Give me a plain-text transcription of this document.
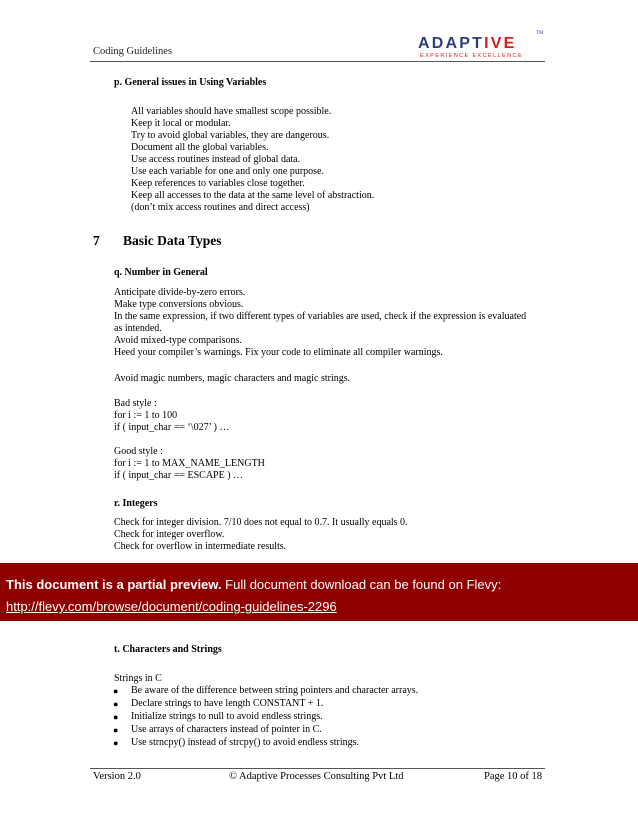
Coding Guidelines	ADAPTIVE
TM
EXPERIENCE EXCELLENCE
p. General issues in Using Variables
All variables should have smallest scope possible.
Keep it local or modular.
Try to avoid global variables, they are dangerous.
Document all the global variables.
Use access routines instead of global data.
Use each variable for one and only one purpose.
Keep references to variables close together.
Keep all accesses to the data at the same level of abstraction.
(don’t mix access routines and direct access)
7 Basic Data Types
q. Number in General
Anticipate divide-by-zero errors.
Make type conversions obvious.
In the same expression, if two different types of variables are used, check if the expression is evaluated
as intended.
Avoid mixed-type comparisons.
Heed your compiler’s warnings. Fix your code to eliminate all compiler warnings.
Avoid magic numbers, magic characters and magic strings.
Bad style :
for i := 1 to 100
if ( input_char == ‘\027’ ) …
Good style :
for i := 1 to MAX_NAME_LENGTH
if ( input_char == ESCAPE ) …
r. Integers
Check for integer division. 7/10 does not equal to 0.7. It usually equals 0.
Check for integer overflow.
Check for overflow in intermediate results.
This document is a partial preview. Full document download can be found on Flevy:
http://flevy.com/browse/document/coding-guidelines-2296
t. Characters and Strings
Strings in C
● Be aware of the difference between string pointers and character arrays.
● Declare strings to have length CONSTANT + 1.
● Initialize strings to null to avoid endless strings.
● Use arrays of characters instead of pointer in C.
● Use strncpy() instead of strcpy() to avoid endless strings.
Version 2.0	© Adaptive Processes Consulting Pvt Ltd	Page 10 of 18
